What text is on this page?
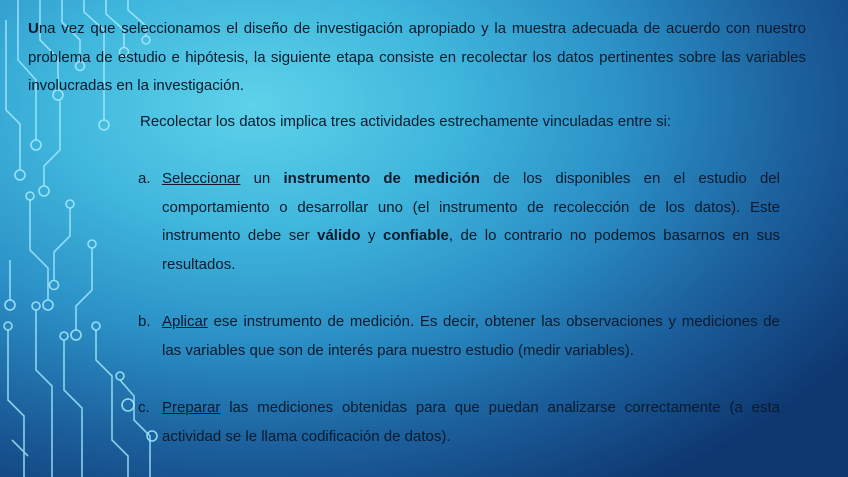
Una vez que seleccionamos el diseño de investigación apropiado y la muestra adecuada de acuerdo con nuestro problema de estudio e hipótesis, la siguiente etapa consiste en recolectar los datos pertinentes sobre las variables involucradas en la investigación.
Recolectar los datos implica tres actividades estrechamente vinculadas entre si:
a. Seleccionar un instrumento de medición de los disponibles en el estudio del comportamiento o desarrollar uno (el instrumento de recolección de los datos). Este instrumento debe ser válido y confiable, de lo contrario no podemos basarnos en sus resultados.
b. Aplicar ese instrumento de medición. Es decir, obtener las observaciones y mediciones de las variables que son de interés para nuestro estudio (medir variables).
c. Preparar las mediciones obtenidas para que puedan analizarse correctamente (a esta actividad se le llama codificación de datos).
